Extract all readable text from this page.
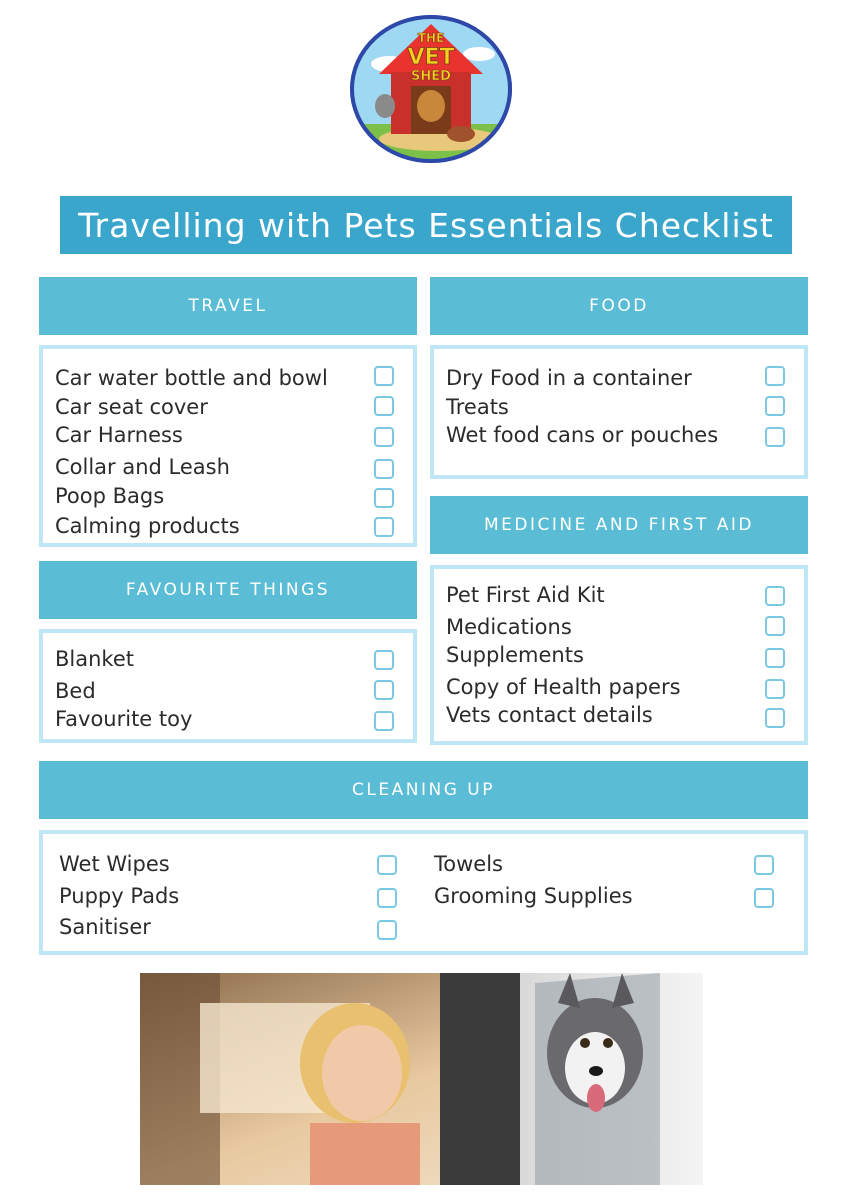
THE
VET
SHED
Travelling with Pets Essentials Checklist
TRAVEL
Car water bottle and bowl
Car seat cover
Car Harness
Collar and Leash
Poop Bags
Calming products
FOOD
Dry Food in a container
Treats
Wet food cans or pouches
FAVOURITE THINGS
Blanket
Bed
Favourite toy
MEDICINE AND FIRST AID
Pet First Aid Kit
Medications
Supplements
Copy of Health papers
Vets contact details
CLEANING UP
Wet Wipes
Puppy Pads
Sanitiser
Towels
Grooming Supplies
